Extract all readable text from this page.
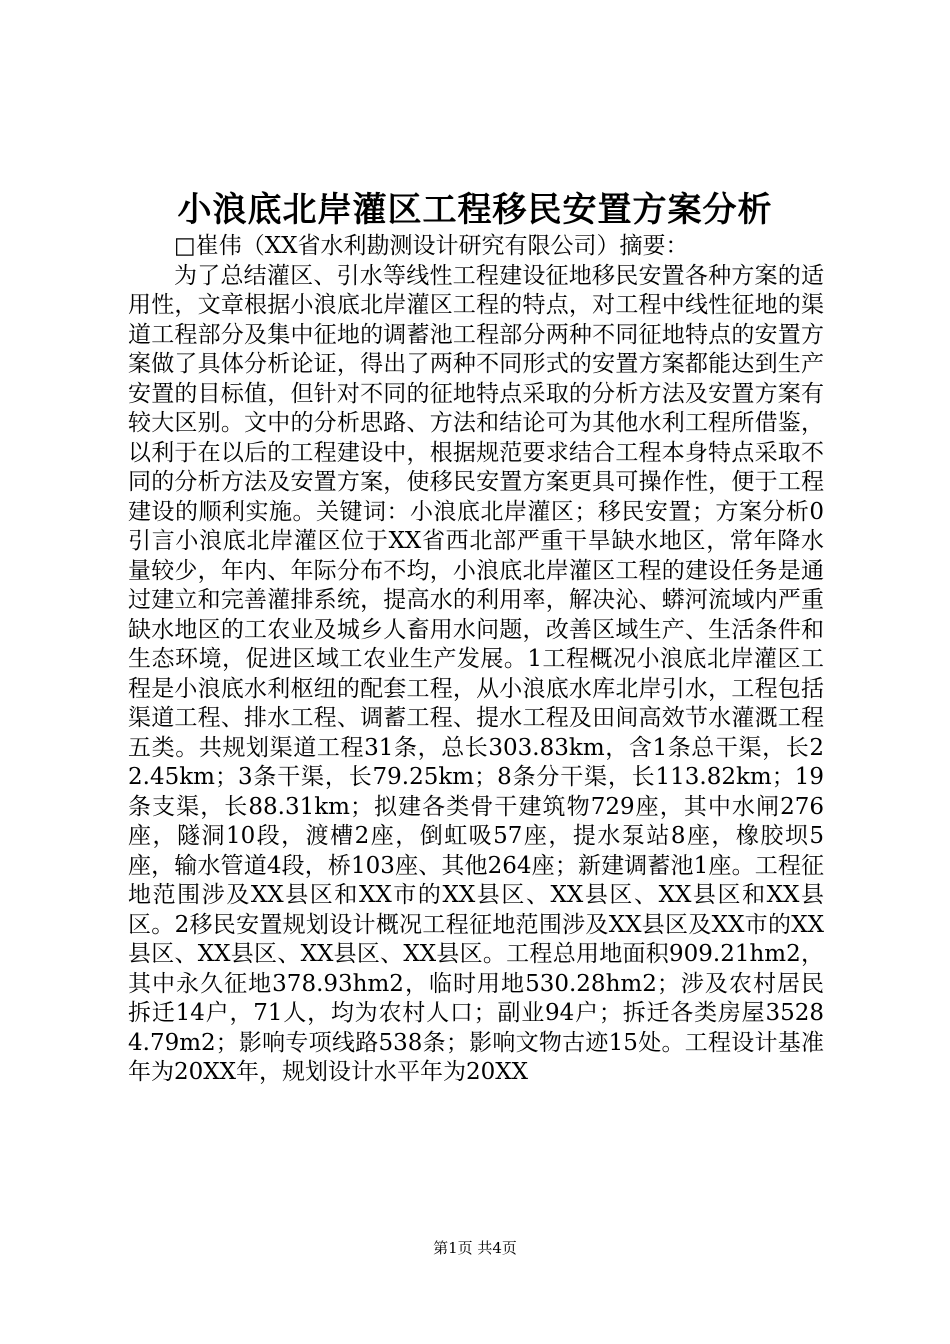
小浪底北岸灌区工程移民安置方案分析

□崔伟（XX省水利勘测设计研究有限公司）摘要：

为了总结灌区、引水等线性工程建设征地移民安置各种方案的适用性，文章根据小浪底北岸灌区工程的特点，对工程中线性征地的渠道工程部分及集中征地的调蓄池工程部分两种不同征地特点的安置方案做了具体分析论证，得出了两种不同形式的安置方案都能达到生产安置的目标值，但针对不同的征地特点采取的分析方法及安置方案有较大区别。文中的分析思路、方法和结论可为其他水利工程所借鉴，以利于在以后的工程建设中，根据规范要求结合工程本身特点采取不同的分析方法及安置方案，使移民安置方案更具可操作性，便于工程建设的顺利实施。关键词：小浪底北岸灌区；移民安置；方案分析0引言小浪底北岸灌区位于XX省西北部严重干旱缺水地区，常年降水量较少，年内、年际分布不均，小浪底北岸灌区工程的建设任务是通过建立和完善灌排系统，提高水的利用率，解决沁、蟒河流域内严重缺水地区的工农业及城乡人畜用水问题，改善区域生产、生活条件和生态环境，促进区域工农业生产发展。1工程概况小浪底北岸灌区工程是小浪底水利枢纽的配套工程，从小浪底水库北岸引水，工程包括渠道工程、排水工程、调蓄工程、提水工程及田间高效节水灌溉工程五类。共规划渠道工程31条，总长303.83km，含1条总干渠，长22.45km；3条干渠，长79.25km；8条分干渠，长113.82km；19条支渠，长88.31km；拟建各类骨干建筑物729座，其中水闸276座，隧洞10段，渡槽2座，倒虹吸57座，提水泵站8座，橡胶坝5座，输水管道4段，桥103座、其他264座；新建调蓄池1座。工程征地范围涉及XX县区和XX市的XX县区、XX县区、XX县区和XX县区。2移民安置规划设计概况工程征地范围涉及XX县区及XX市的XX县区、XX县区、XX县区、XX县区。工程总用地面积909.21hm2，其中永久征地378.93hm2，临时用地530.28hm2；涉及农村居民拆迁14户，71人，均为农村人口；副业94户；拆迁各类房屋35284.79m2；影响专项线路538条；影响文物古迹15处。工程设计基准年为20XX年，规划设计水平年为20XX

第1页 共4页
